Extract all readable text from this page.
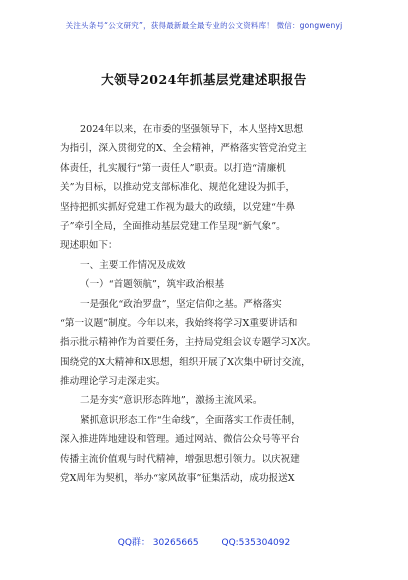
关注头条号“公文研究”，获得最新最全最专业的公文资料库！ 微信：gongwenyj
大领导2024年抓基层党建述职报告
2024年以来，在市委的坚强领导下，本人坚持X思想
为指引，深入贯彻党的X、全会精神，严格落实管党治党主
体责任，扎实履行“第一责任人”职责。以打造“清廉机
关”为目标，以推动党支部标准化、规范化建设为抓手，
坚持把抓实抓好党建工作视为最大的政绩，以党建“牛鼻
子”牵引全局，全面推动基层党建工作呈现“新气象”。
现述职如下：
一、主要工作情况及成效
（一）“首题领航”，筑牢政治根基
一是强化“政治罗盘”，坚定信仰之基。严格落实
“第一议题”制度。今年以来，我始终将学习X重要讲话和
指示批示精神作为首要任务，主持局党组会议专题学习X次。
围绕党的X大精神和X思想，组织开展了X次集中研讨交流，
推动理论学习走深走实。
二是夯实“意识形态阵地”，激扬主流风采。
紧抓意识形态工作“生命线”，全面落实工作责任制，
深入推进阵地建设和管理。通过网站、微信公众号等平台
传播主流价值观与时代精神，增强思想引领力。以庆祝建
党X周年为契机，举办“家风故事”征集活动，成功报送X
QQ群： 30265665	QQ:535304092
